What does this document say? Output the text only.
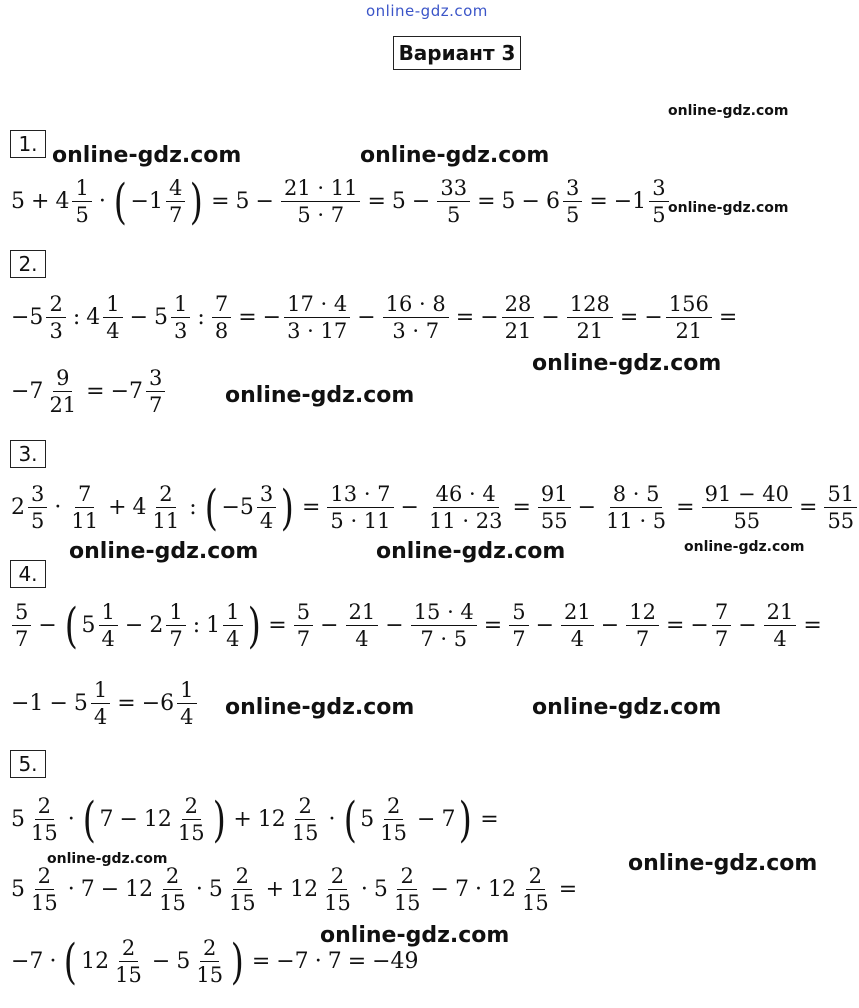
online-gdz.com
online-gdz.com
online-gdz.com	online-gdz.com
online-gdz.com
online-gdz.com
online-gdz.com
online-gdz.com	online-gdz.com	online-gdz.com
online-gdz.com	online-gdz.com
online-gdz.com	online-gdz.com
online-gdz.com
Вариант 3
1.
2.
3.
4.
5.
$5 + 4 \frac{1}{5}$ · ( $-1 \frac{4}{7}$ ) = $5 - \frac{21 \cdot 11}{5 \cdot 7} = 5 - \frac{33}{5} = 5 - 6 \frac{3}{5} = -1 \frac{3}{5}$
$-5 \frac{2}{3}$ : $4 \frac{1}{4} - 5 \frac{1}{3}$ : $\frac{7}{8}$ = − $\frac{17 \cdot 4}{3 \cdot 17} - \frac{16 \cdot 8}{3 \cdot 7}$ = − $\frac{28}{21} - \frac{128}{21}$ = − $\frac{156}{21}$ =
$-7 \frac{9}{21} = -7 \frac{3}{7}$
$2 \frac{3}{5} \cdot \frac{7}{11} + 4 \frac{2}{11}$ : ( $-5 \frac{3}{4}$ ) = $\frac{13 \cdot 7}{5 \cdot 11} - \frac{46 \cdot 4}{11 \cdot 23} = \frac{91}{55} - \frac{8 \cdot 5}{11 \cdot 5} = \frac{91 - 40}{55} = \frac{51}{55}$
$\frac{5}{7}$ − ( $5 \frac{1}{4} - 2 \frac{1}{7}$ : $1 \frac{1}{4}$ ) = $\frac{5}{7} - \frac{21}{4} - \frac{15 \cdot 4}{7 \cdot 5} = \frac{5}{7} - \frac{21}{4} - \frac{12}{7}$ = − $\frac{7}{7} - \frac{21}{4}$ =
$-1 - 5 \frac{1}{4} = -6 \frac{1}{4}$
$5 \frac{2}{15}$ · ( $7 - 12 \frac{2}{15}$ ) + $12 \frac{2}{15}$ · ( $5 \frac{2}{15} - 7$ ) =
$5 \frac{2}{15} \cdot 7 - 12 \frac{2}{15} \cdot 5 \frac{2}{15} + 12 \frac{2}{15} \cdot 5 \frac{2}{15} - 7 \cdot 12 \frac{2}{15}$ =
−7 · ( $12 \frac{2}{15} - 5 \frac{2}{15}$ ) = −7 · 7 = −49
